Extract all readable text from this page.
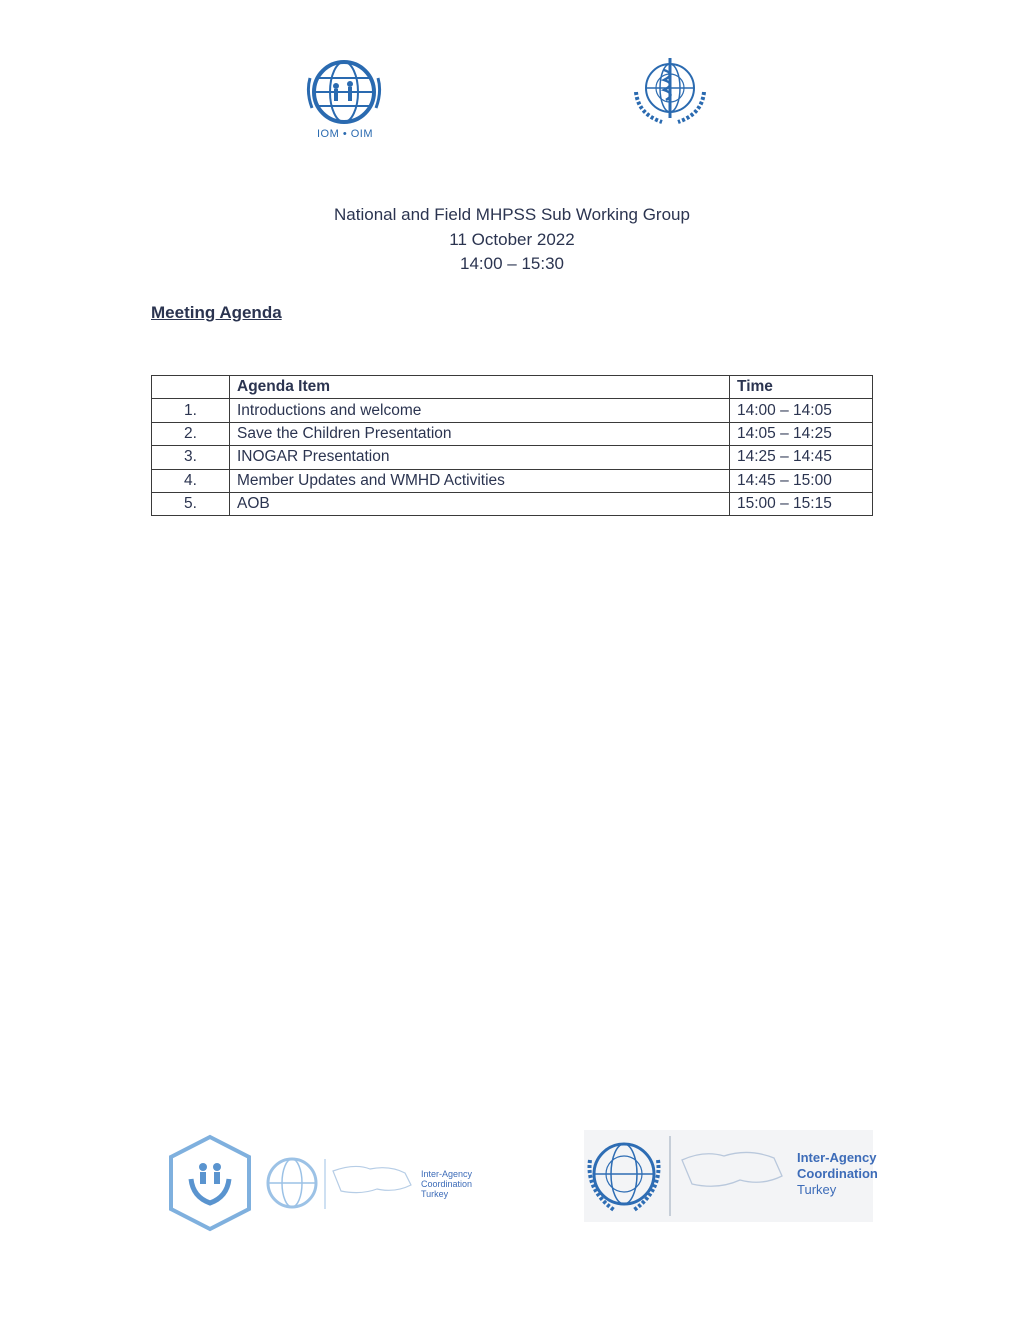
IOM • OIM
National and Field MHPSS Sub Working Group
11 October 2022
14:00 – 15:30
Meeting Agenda
	Agenda Item	Time
1.	Introductions and welcome	14:00 – 14:05
2.	Save the Children Presentation	14:05 – 14:25
3.	INOGAR Presentation	14:25 – 14:45
4.	Member Updates and WMHD Activities	14:45 – 15:00
5.	AOB	15:00 – 15:15
Inter-Agency
Coordination
Turkey
Inter-Agency
Coordination
Turkey
